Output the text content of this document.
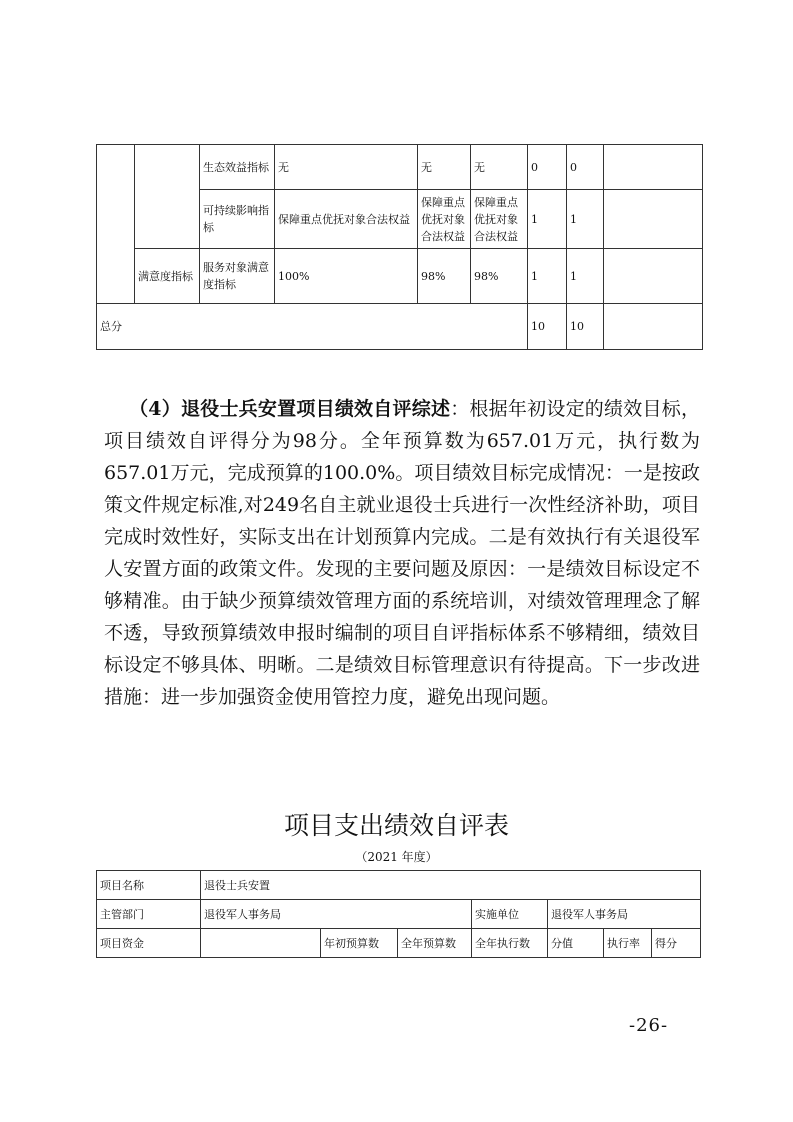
		生态效益指标	无	无	无	0	0	
		可持续影响指标	保障重点优抚对象合法权益	保障重点优抚对象合法权益	保障重点优抚对象合法权益	1	1	
	满意度指标	服务对象满意度指标	100%	98%	98%	1	1	
总分						10	10	

（4）退役士兵安置项目绩效自评综述：根据年初设定的绩效目标，项目绩效自评得分为98分。全年预算数为657.01万元，执行数为657.01万元，完成预算的100.0%。项目绩效目标完成情况：一是按政策文件规定标准,对249名自主就业退役士兵进行一次性经济补助，项目完成时效性好，实际支出在计划预算内完成。二是有效执行有关退役军人安置方面的政策文件。发现的主要问题及原因：一是绩效目标设定不够精准。由于缺少预算绩效管理方面的系统培训，对绩效管理理念了解不透，导致预算绩效申报时编制的项目自评指标体系不够精细，绩效目标设定不够具体、明晰。二是绩效目标管理意识有待提高。下一步改进措施：进一步加强资金使用管控力度，避免出现问题。

项目支出绩效自评表
（2021 年度）
项目名称	退役士兵安置						
主管部门	退役军人事务局			实施单位	退役军人事务局		
项目资金		年初预算数	全年预算数	全年执行数	分值	执行率	得分
-26-
